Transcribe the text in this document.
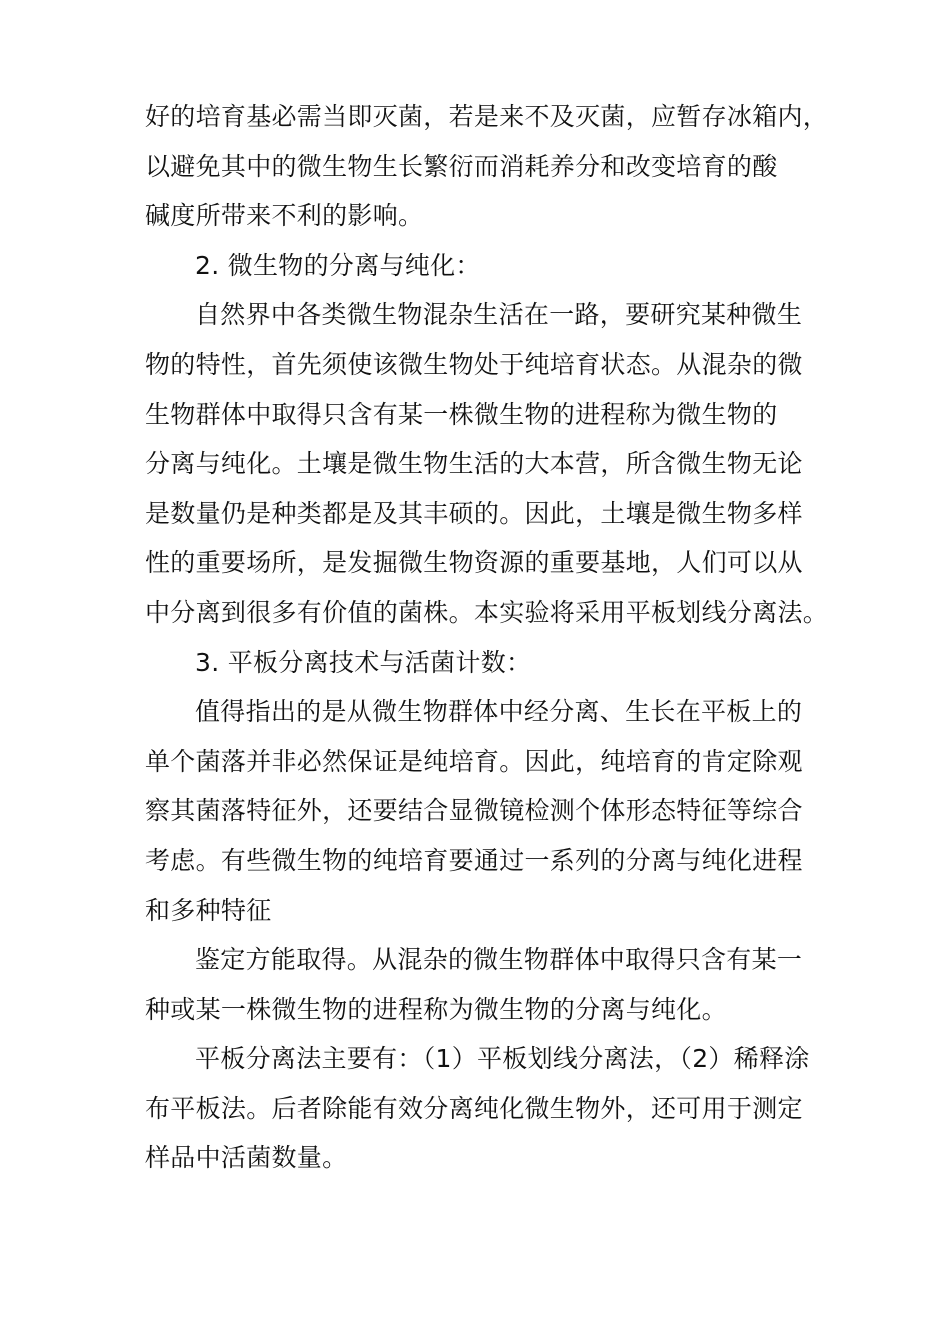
好的培育基必需当即灭菌，若是来不及灭菌，应暂存冰箱内，
以避免其中的微生物生长繁衍而消耗养分和改变培育的酸
碱度所带来不利的影响。
2. 微生物的分离与纯化：
自然界中各类微生物混杂生活在一路，要研究某种微生
物的特性，首先须使该微生物处于纯培育状态。从混杂的微
生物群体中取得只含有某一株微生物的进程称为微生物的
分离与纯化。土壤是微生物生活的大本营，所含微生物无论
是数量仍是种类都是及其丰硕的。因此，土壤是微生物多样
性的重要场所，是发掘微生物资源的重要基地，人们可以从
中分离到很多有价值的菌株。本实验将采用平板划线分离法。
3. 平板分离技术与活菌计数：
值得指出的是从微生物群体中经分离、生长在平板上的
单个菌落并非必然保证是纯培育。因此，纯培育的肯定除观
察其菌落特征外，还要结合显微镜检测个体形态特征等综合
考虑。有些微生物的纯培育要通过一系列的分离与纯化进程
和多种特征
鉴定方能取得。从混杂的微生物群体中取得只含有某一
种或某一株微生物的进程称为微生物的分离与纯化。
平板分离法主要有：（1）平板划线分离法，（2）稀释涂
布平板法。后者除能有效分离纯化微生物外，还可用于测定
样品中活菌数量。
